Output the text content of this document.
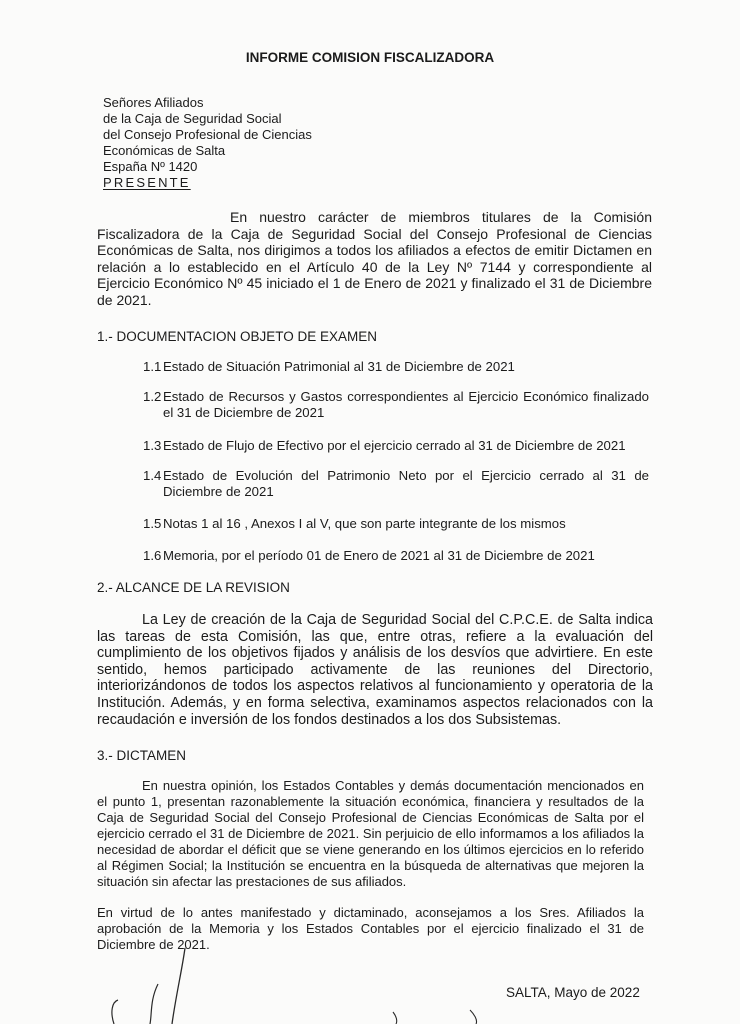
INFORME COMISION FISCALIZADORA
Señores Afiliados
de la Caja de Seguridad Social
del Consejo Profesional de Ciencias
Económicas de Salta
España Nº 1420
PRESENTE
En nuestro carácter de miembros titulares de la Comisión Fiscalizadora de la Caja de Seguridad Social del Consejo Profesional de Ciencias Económicas de Salta, nos dirigimos a todos los afiliados a efectos de emitir Dictamen en relación a lo establecido en el Artículo 40 de la Ley Nº 7144 y correspondiente al Ejercicio Económico Nº 45 iniciado el 1 de Enero de 2021 y finalizado el 31 de Diciembre de 2021.
1.- DOCUMENTACION OBJETO DE EXAMEN
1.1 Estado de Situación Patrimonial al 31 de Diciembre de 2021
1.2 Estado de Recursos y Gastos correspondientes al Ejercicio Económico finalizado el 31 de Diciembre de 2021
1.3 Estado de Flujo de Efectivo por el ejercicio cerrado al 31 de Diciembre de 2021
1.4 Estado de Evolución del Patrimonio Neto por el Ejercicio cerrado al 31 de Diciembre de 2021
1.5 Notas 1 al 16 , Anexos I al V, que son parte integrante de los mismos
1.6 Memoria, por el período 01 de Enero de 2021 al 31 de Diciembre de 2021
2.- ALCANCE DE LA REVISION
La Ley de creación de la Caja de Seguridad Social del C.P.C.E. de Salta indica las tareas de esta Comisión, las que, entre otras, refiere a la evaluación del cumplimiento de los objetivos fijados y análisis de los desvíos que advirtiere. En este sentido, hemos participado activamente de las reuniones del Directorio, interiorizándonos de todos los aspectos relativos al funcionamiento y operatoria de la Institución. Además, y en forma selectiva, examinamos aspectos relacionados con la recaudación e inversión de los fondos destinados a los dos Subsistemas.
3.- DICTAMEN
En nuestra opinión, los Estados Contables y demás documentación mencionados en el punto 1, presentan razonablemente la situación económica, financiera y resultados de la Caja de Seguridad Social del Consejo Profesional de Ciencias Económicas de Salta por el ejercicio cerrado el 31 de Diciembre de 2021. Sin perjuicio de ello informamos a los afiliados la necesidad de abordar el déficit que se viene generando en los últimos ejercicios en lo referido al Régimen Social; la Institución se encuentra en la búsqueda de alternativas que mejoren la situación sin afectar las prestaciones de sus afiliados.
En virtud de lo antes manifestado y dictaminado, aconsejamos a los Sres. Afiliados la aprobación de la Memoria y los Estados Contables por el ejercicio finalizado el 31 de Diciembre de 2021.
SALTA, Mayo de 2022
